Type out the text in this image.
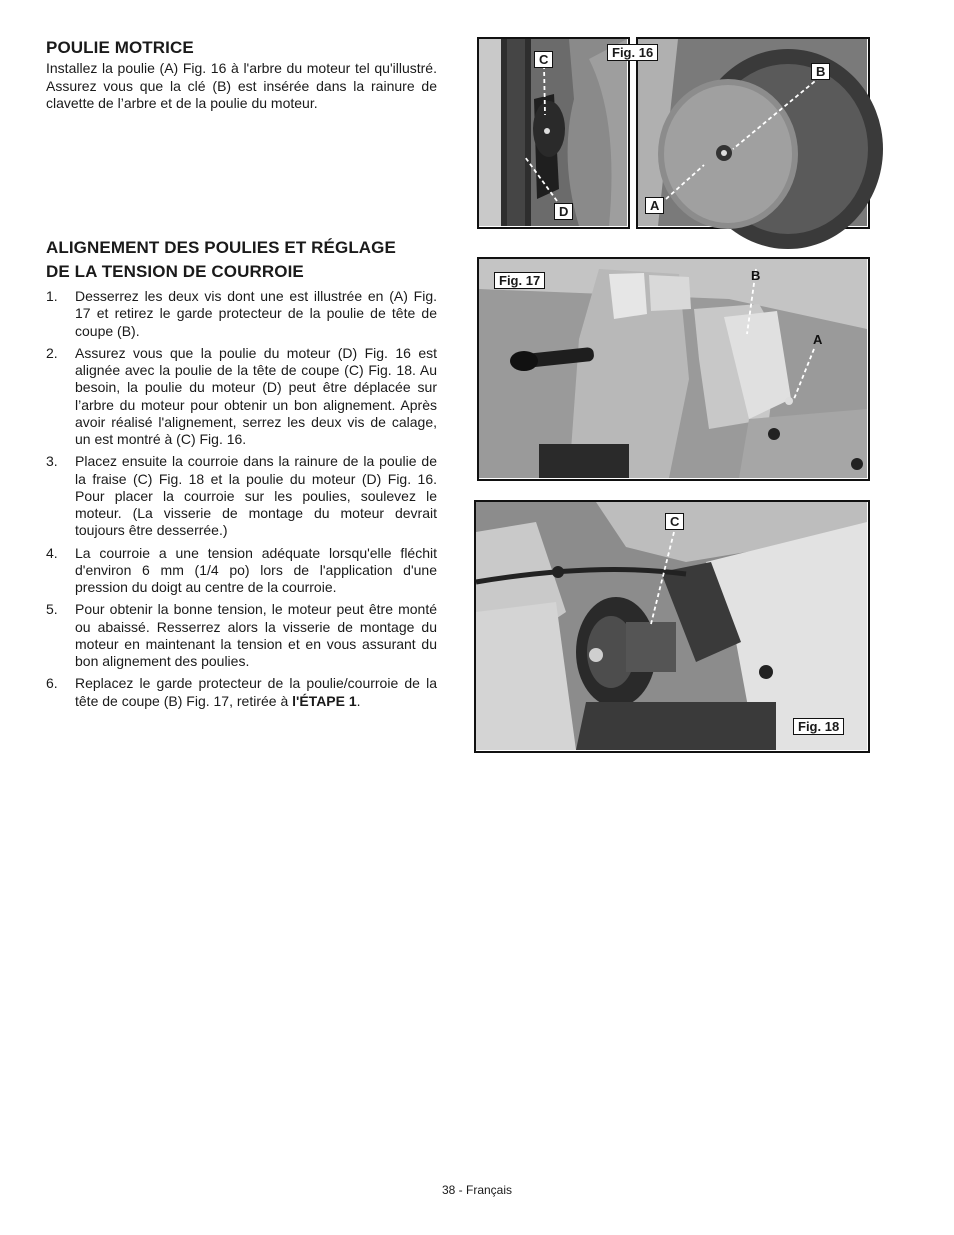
POULIE MOTRICE

Installez la poulie (A) Fig. 16 à l'arbre du moteur tel qu'illustré. Assurez vous que la clé (B) est insérée dans la rainure de clavette de l’arbre et de la poulie du moteur.

ALIGNEMENT DES POULIES ET RÉGLAGE
DE LA TENSION DE COURROIE
1. Desserrez les deux vis dont une est illustrée en (A) Fig. 17 et retirez le garde protecteur de la poulie de tête de coupe (B).
2. Assurez vous que la poulie du moteur (D) Fig. 16 est alignée avec la poulie de la tête de coupe (C) Fig. 18. Au besoin, la poulie du moteur (D) peut être déplacée sur l’arbre du moteur pour obtenir un bon alignement. Après avoir réalisé l'alignement, serrez les deux vis de calage, un est montré à (C) Fig. 16.
3. Placez ensuite la courroie dans la rainure de la poulie de la fraise (C) Fig. 18 et la poulie du moteur (D) Fig. 16. Pour placer la courroie sur les poulies, soulevez le moteur. (La visserie de montage du moteur devrait toujours être desserrée.)
4. La courroie a une tension adéquate lorsqu'elle fléchit d'environ 6 mm (1/4 po) lors de l'application d'une pression du doigt au centre de la courroie.
5. Pour obtenir la bonne tension, le moteur peut être monté ou abaissé. Resserrez alors la visserie de montage du moteur en maintenant la tension et en vous assurant du bon alignement des poulies.
6. Replacez le garde protecteur de la poulie/courroie de la tête de coupe (B) Fig. 17, retirée à l'ÉTAPE 1.
C
D
Fig. 16
B
A
Fig. 17	B
A
C
Fig. 18
38 - Français
